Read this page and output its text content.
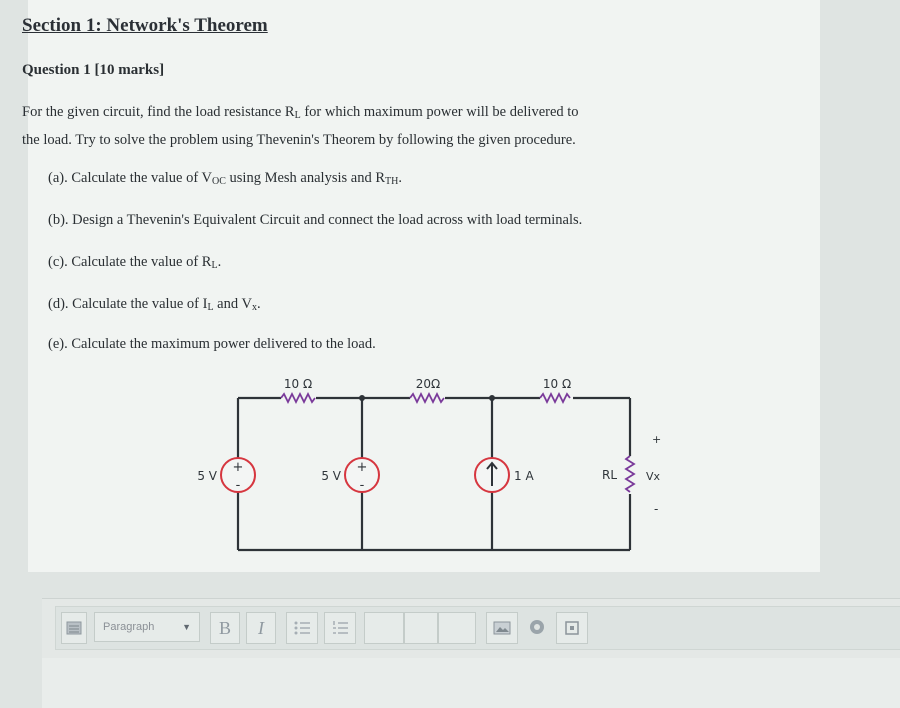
Section 1: Network's Theorem
Question 1 [10 marks]
For the given circuit, find the load resistance $R_L$ for which maximum power will be delivered to
the load. Try to solve the problem using Thevenin's Theorem by following the given procedure.
(a). Calculate the value of $V_{OC}$ using Mesh analysis and $R_{TH}$.
(b). Design a Thevenin's Equivalent Circuit and connect the load across with load terminals.
(c). Calculate the value of $R_L$.
(d). Calculate the value of $I_L$ and $V_x$.
(e). Calculate the maximum power delivered to the load.
+
-
+
-
10 Ω	20Ω	10 Ω
5 V	5 V	1 A	RL	Vx
+
-
Paragraph	▼	B	I
